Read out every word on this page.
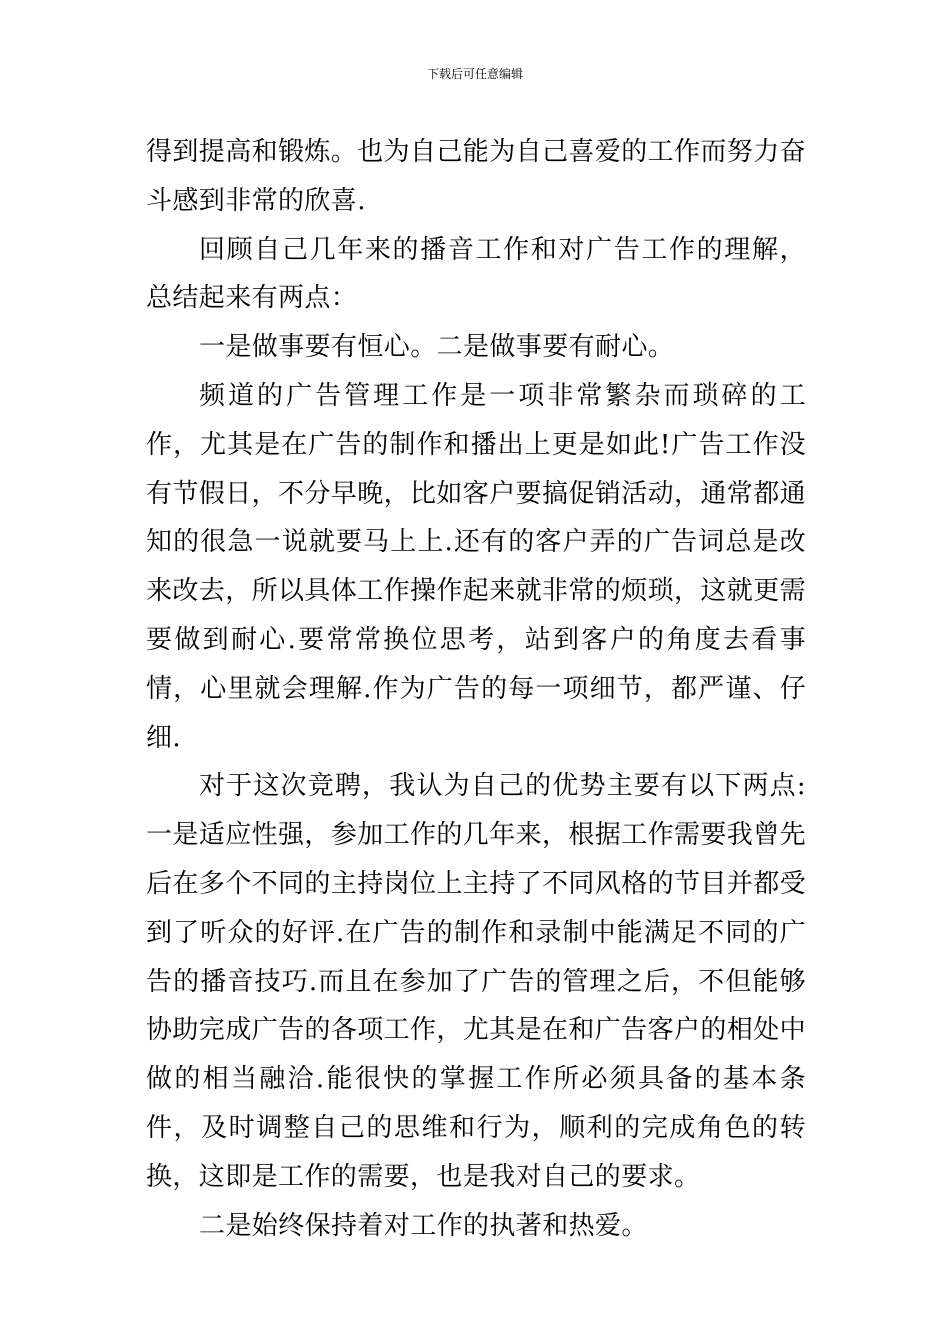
下载后可任意编辑

得到提高和锻炼。也为自己能为自己喜爱的工作而努力奋斗感到非常的欣喜.

回顾自己几年来的播音工作和对广告工作的理解，总结起来有两点：

一是做事要有恒心。二是做事要有耐心。

频道的广告管理工作是一项非常繁杂而琐碎的工作，尤其是在广告的制作和播出上更是如此!广告工作没有节假日，不分早晚，比如客户要搞促销活动，通常都通知的很急一说就要马上上.还有的客户弄的广告词总是改来改去，所以具体工作操作起来就非常的烦琐，这就更需要做到耐心.要常常换位思考，站到客户的角度去看事情，心里就会理解.作为广告的每一项细节，都严谨、仔细.

对于这次竞聘，我认为自己的优势主要有以下两点:一是适应性强，参加工作的几年来，根据工作需要我曾先后在多个不同的主持岗位上主持了不同风格的节目并都受到了听众的好评.在广告的制作和录制中能满足不同的广告的播音技巧.而且在参加了广告的管理之后，不但能够协助完成广告的各项工作，尤其是在和广告客户的相处中做的相当融洽.能很快的掌握工作所必须具备的基本条件，及时调整自己的思维和行为，顺利的完成角色的转换，这即是工作的需要，也是我对自己的要求。

二是始终保持着对工作的执著和热爱。
